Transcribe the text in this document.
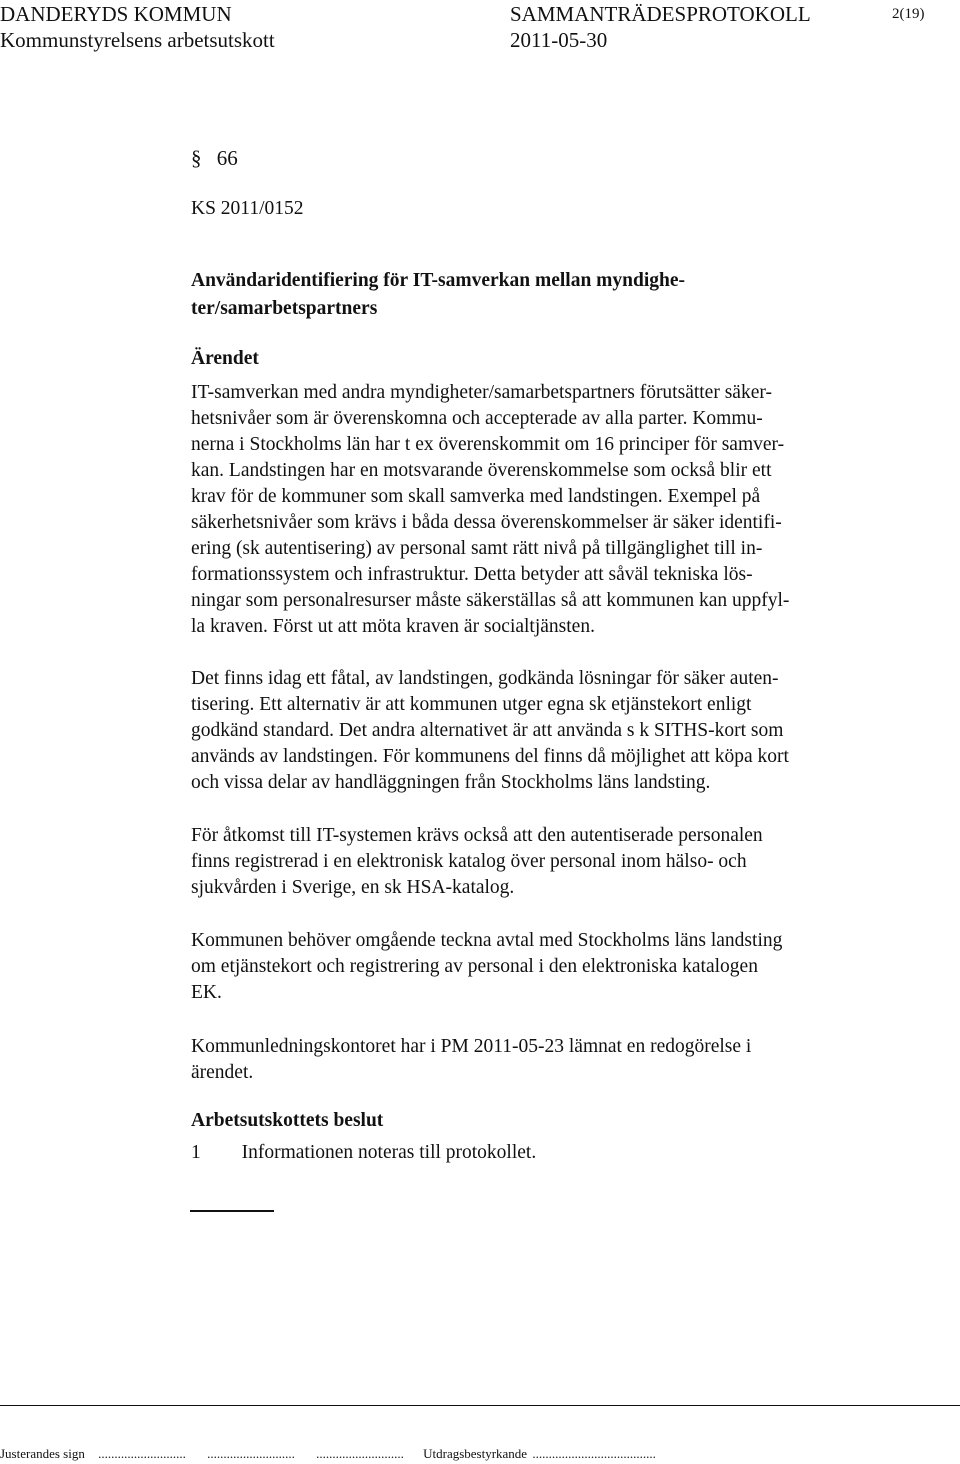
DANDERYDS KOMMUN	SAMMANTRÄDESPROTOKOLL	2(19)
Kommunstyrelsens arbetsutskott	2011-05-30
§ 66
KS 2011/0152
Användaridentifiering för IT-samverkan mellan myndighe-
ter/samarbetspartners
Ärendet
IT-samverkan med andra myndigheter/samarbetspartners förutsätter säker-
hetsnivåer som är överenskomna och accepterade av alla parter. Kommu-
nerna i Stockholms län har t ex överenskommit om 16 principer för samver-
kan. Landstingen har en motsvarande överenskommelse som också blir ett
krav för de kommuner som skall samverka med landstingen. Exempel på
säkerhetsnivåer som krävs i båda dessa överenskommelser är säker identifi-
ering (sk autentisering) av personal samt rätt nivå på tillgänglighet till in-
formationssystem och infrastruktur. Detta betyder att såväl tekniska lös-
ningar som personalresurser måste säkerställas så att kommunen kan uppfyl-
la kraven. Först ut att möta kraven är socialtjänsten.
Det finns idag ett fåtal, av landstingen, godkända lösningar för säker auten-
tisering. Ett alternativ är att kommunen utger egna sk etjänstekort enligt
godkänd standard. Det andra alternativet är att använda s k SITHS-kort som
används av landstingen. För kommunens del finns då möjlighet att köpa kort
och vissa delar av handläggningen från Stockholms läns landsting.
För åtkomst till IT-systemen krävs också att den autentiserade personalen
finns registrerad i en elektronisk katalog över personal inom hälso- och
sjukvården i Sverige, en sk HSA-katalog.
Kommunen behöver omgående teckna avtal med Stockholms läns landsting
om etjänstekort och registrering av personal i den elektroniska katalogen
EK.
Kommunledningskontoret har i PM 2011-05-23 lämnat en redogörelse i
ärendet.
Arbetsutskottets beslut
1 Informationen noteras till protokollet.
Justerandes sign ........................... ........................... ........................... Utdragsbestyrkande ......................................
